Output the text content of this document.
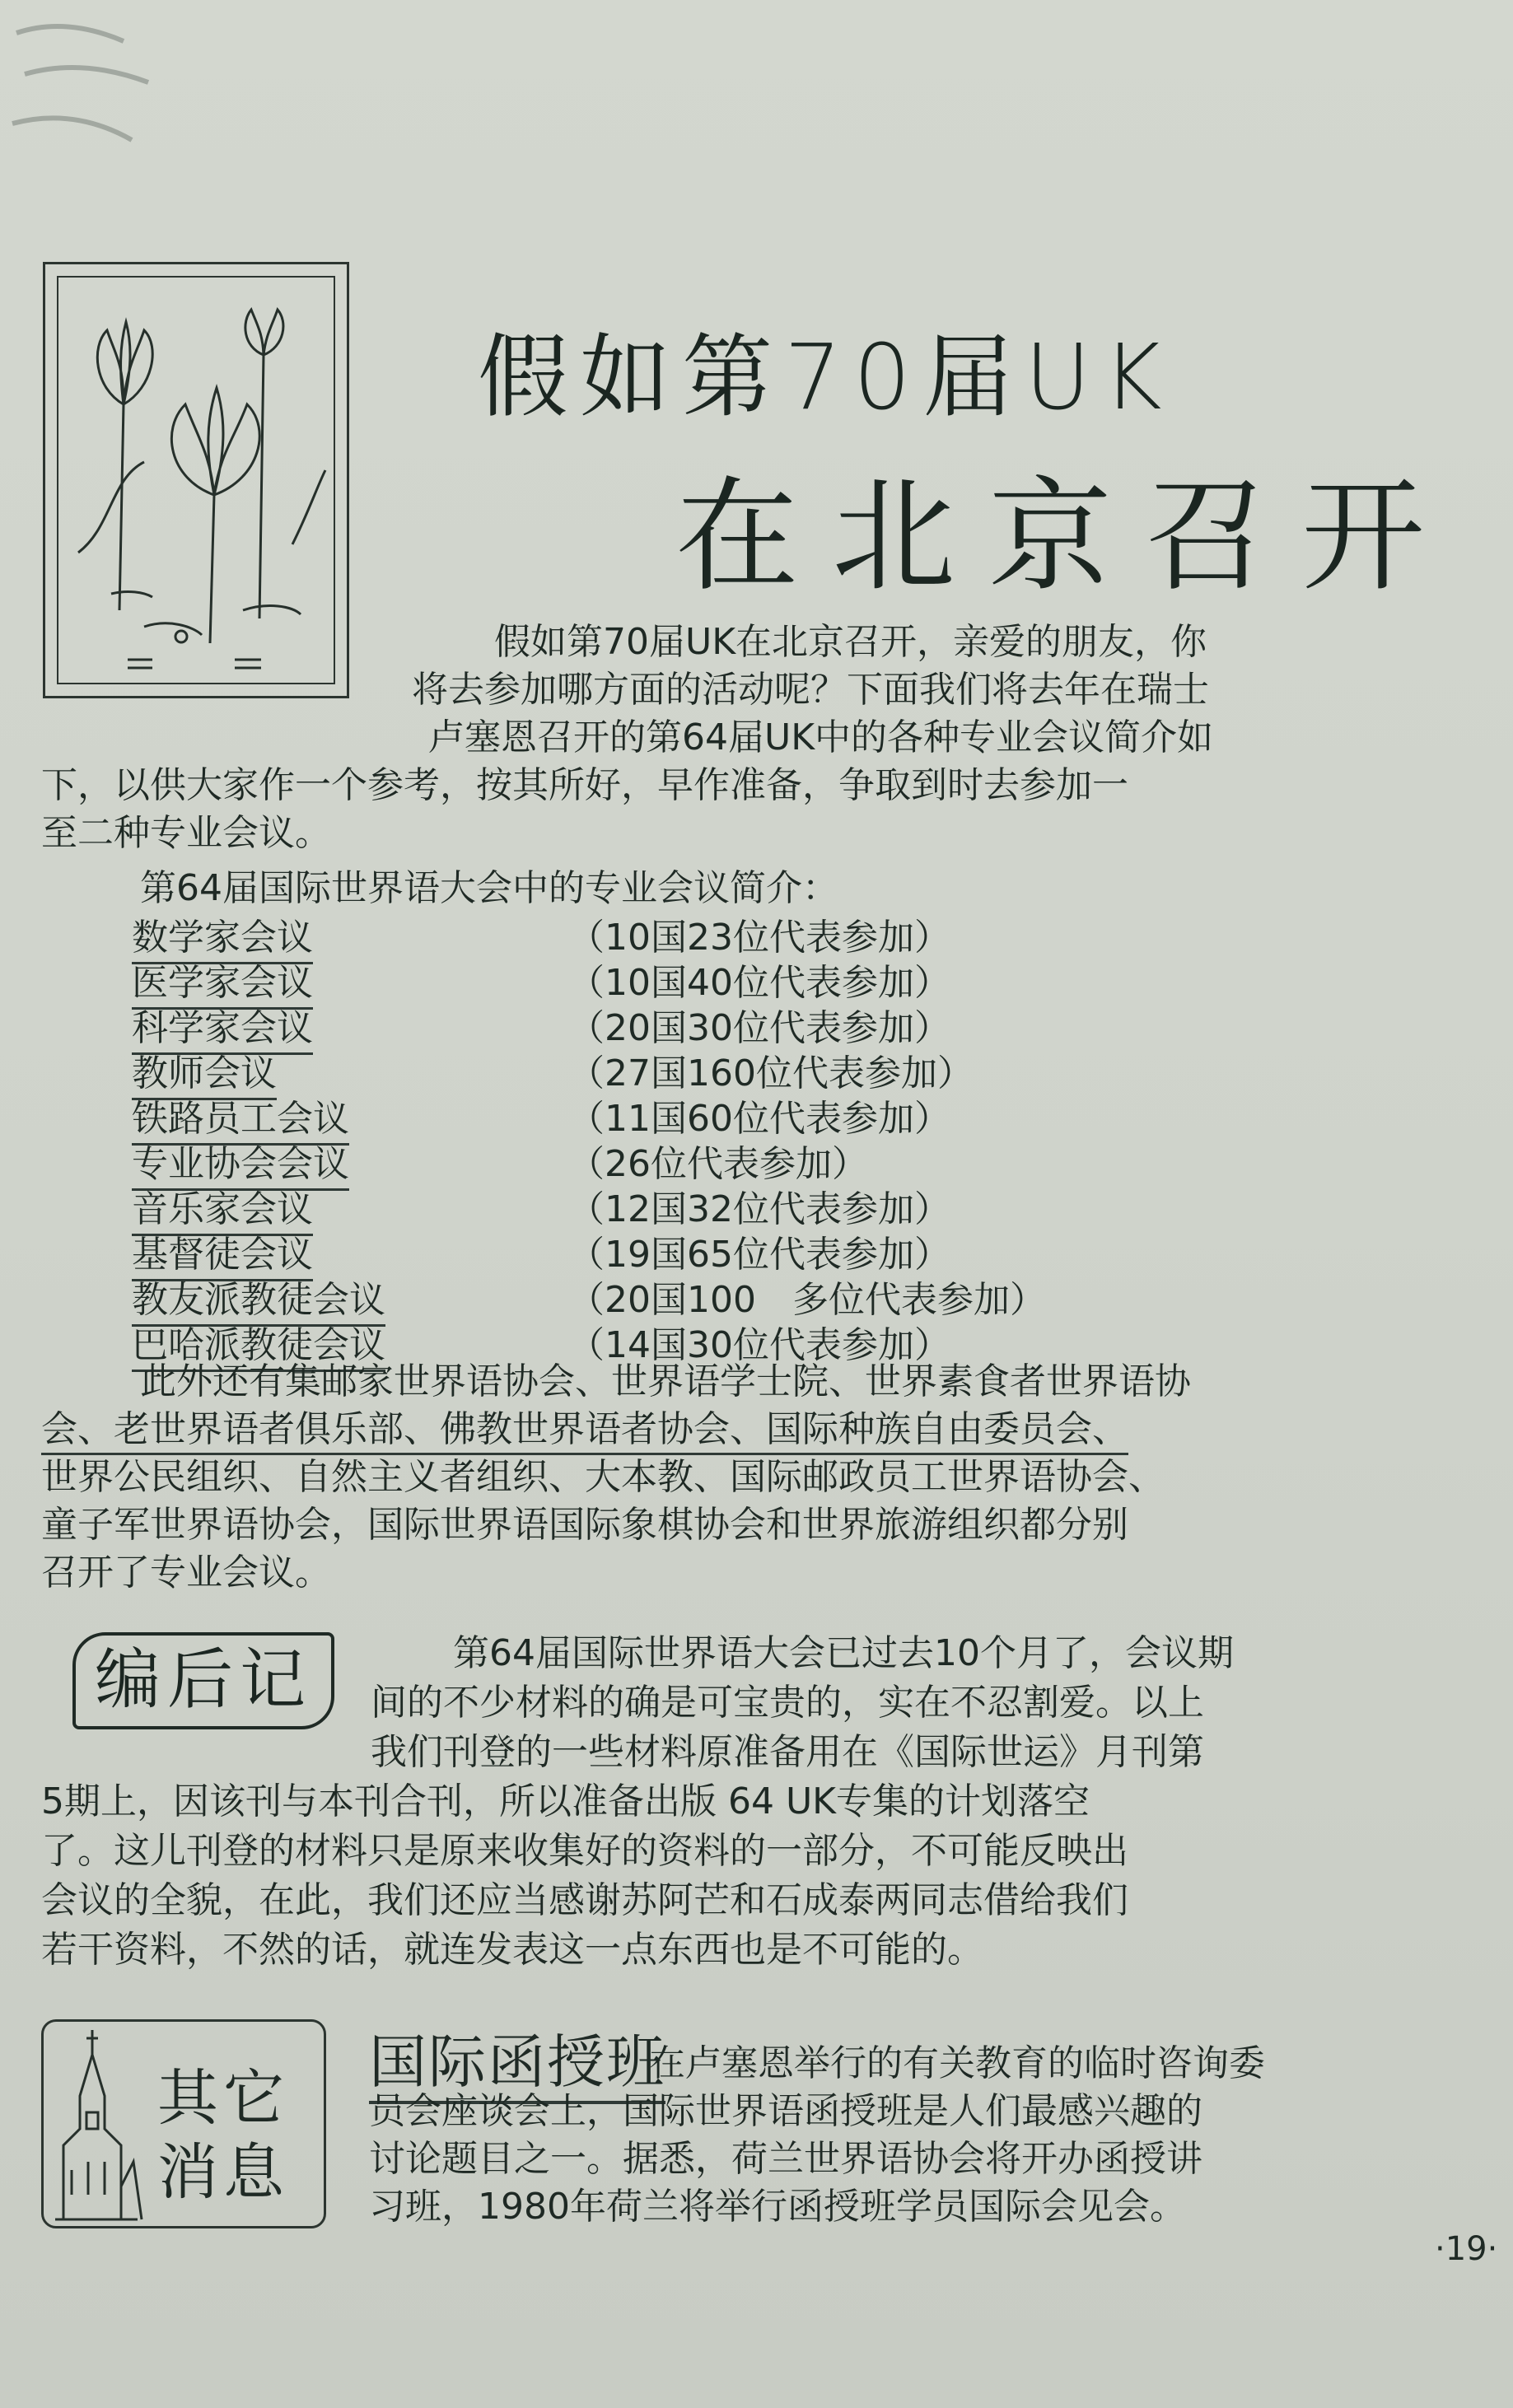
假如第70届UK
在北京召开
假如第70届UK在北京召开，亲爱的朋友，你
将去参加哪方面的活动呢？下面我们将去年在瑞士
卢塞恩召开的第64届UK中的各种专业会议简介如
下，以供大家作一个参考，按其所好，早作准备，争取到时去参加一
至二种专业会议。
第64届国际世界语大会中的专业会议简介：
数学家会议	（10国23位代表参加）
医学家会议	（10国40位代表参加）
科学家会议	（20国30位代表参加）
教师会议	（27国160位代表参加）
铁路员工会议	（11国60位代表参加）
专业协会会议	（26位代表参加）
音乐家会议	（12国32位代表参加）
基督徒会议	（19国65位代表参加）
教友派教徒会议	（20国100　多位代表参加）
巴哈派教徒会议	（14国30位代表参加）
此外还有集邮家世界语协会、世界语学士院、世界素食者世界语协
会、老世界语者俱乐部、佛教世界语者协会、国际种族自由委员会、
世界公民组织、自然主义者组织、大本教、国际邮政员工世界语协会、
童子军世界语协会，国际世界语国际象棋协会和世界旅游组织都分别
召开了专业会议。
编后记	第64届国际世界语大会已过去10个月了，会议期
间的不少材料的确是可宝贵的，实在不忍割爱。以上
我们刊登的一些材料原准备用在《国际世运》月刊第
5期上，因该刊与本刊合刊，所以准备出版 64 UK专集的计划落空
了。这儿刊登的材料只是原来收集好的资料的一部分，不可能反映出
会议的全貌，在此，我们还应当感谢苏阿芒和石成泰两同志借给我们
若干资料，不然的话，就连发表这一点东西也是不可能的。
其它
消息
国际函授班
在卢塞恩举行的有关教育的临时咨询委
员会座谈会上，国际世界语函授班是人们最感兴趣的
讨论题目之一。据悉，荷兰世界语协会将开办函授讲
习班，1980年荷兰将举行函授班学员国际会见会。
·19·
